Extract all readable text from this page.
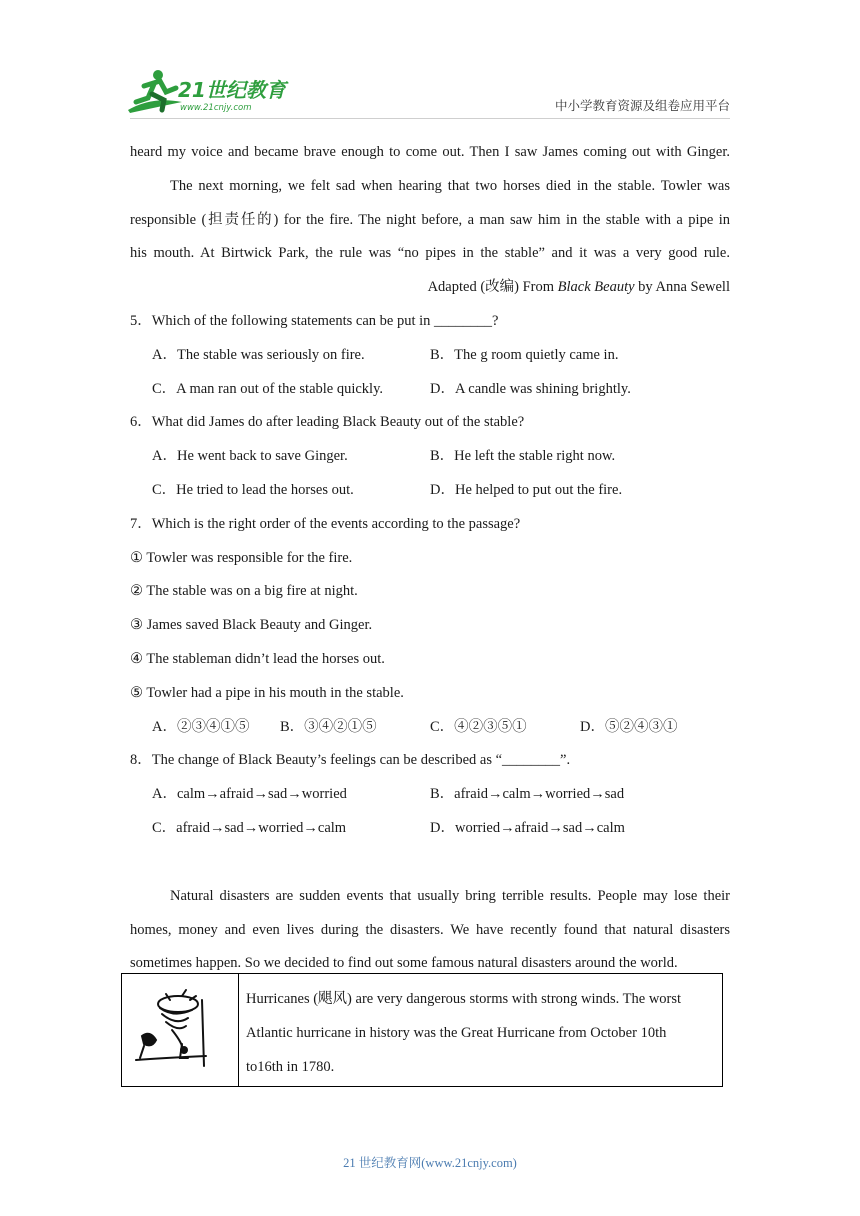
21世纪教育
www.21cnjy.com	中小学教育资源及组卷应用平台
heard my voice and became brave enough to come out. Then I saw James coming out with Ginger.
The next morning, we felt sad when hearing that two horses died in the stable. Towler was
responsible (担责任的) for the fire. The night before, a man saw him in the stable with a pipe in
his mouth. At Birtwick Park, the rule was “no pipes in the stable” and it was a very good rule.
Adapted (改编) From Black Beauty by Anna Sewell
5．Which of the following statements can be put in ________?
A．The stable was seriously on fire.	B．The g room quietly came in.
C．A man ran out of the stable quickly.	D．A candle was shining brightly.
6．What did James do after leading Black Beauty out of the stable?
A．He went back to save Ginger.	B．He left the stable right now.
C．He tried to lead the horses out.	D．He helped to put out the fire.
7．Which is the right order of the events according to the passage?
① Towler was responsible for the fire.
② The stable was on a big fire at night.
③ James saved Black Beauty and Ginger.
④ The stableman didn’t lead the horses out.
⑤ Towler had a pipe in his mouth in the stable.
A．②③④①⑤ B．③④②①⑤	C．④②③⑤①	D．⑤②④③①
8．The change of Black Beauty’s feelings can be described as “________”.
A．calm→afraid→sad→worried	B．afraid→calm→worried→sad
C．afraid→sad→worried→calm	D．worried→afraid→sad→calm
Natural disasters are sudden events that usually bring terrible results. People may lose their
homes, money and even lives during the disasters. We have recently found that natural disasters
sometimes happen. So we decided to find out some famous natural disasters around the world.
Hurricanes (飓风) are very dangerous storms with strong winds. The worst
Atlantic hurricane in history was the Great Hurricane from October 10th
to16th in 1780.
21 世纪教育网(www.21cnjy.com)
